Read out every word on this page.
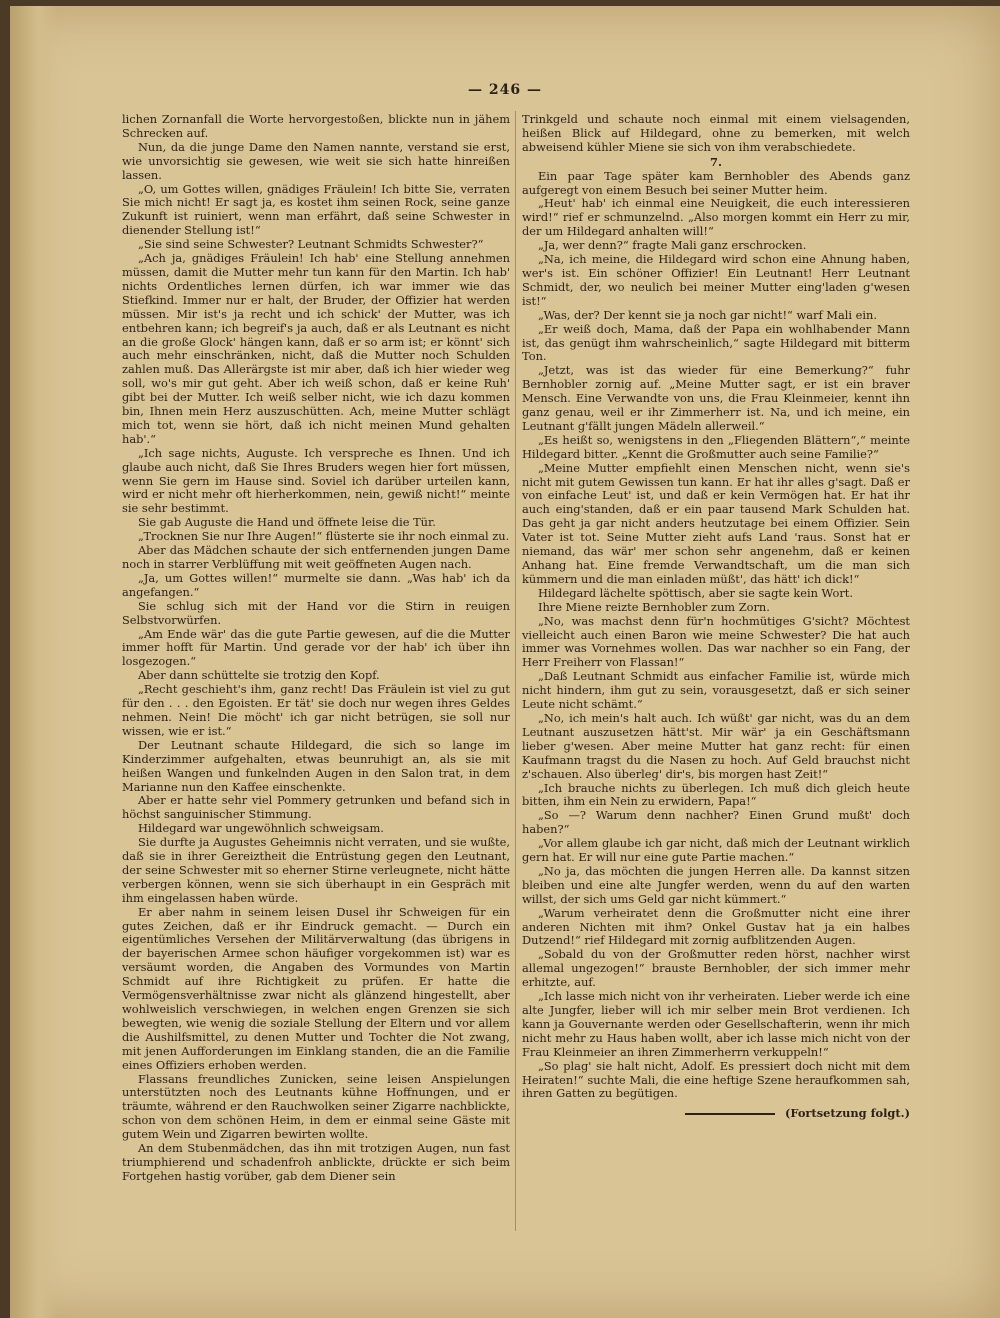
— 246 —

lichen Zornanfall die Worte hervorgestoßen, blickte nun in jähem Schrecken auf.

Nun, da die junge Dame den Namen nannte, verstand sie erst, wie unvorsichtig sie gewesen, wie weit sie sich hatte hinreißen lassen.

„O, um Gottes willen, gnädiges Fräulein! Ich bitte Sie, verraten Sie mich nicht! Er sagt ja, es kostet ihm seinen Rock, seine ganze Zukunft ist ruiniert, wenn man erfährt, daß seine Schwester in dienender Stellung ist!“

„Sie sind seine Schwester? Leutnant Schmidts Schwester?“

„Ach ja, gnädiges Fräulein! Ich hab' eine Stellung annehmen müssen, damit die Mutter mehr tun kann für den Martin. Ich hab' nichts Ordentliches lernen dürfen, ich war immer wie das Stiefkind. Immer nur er halt, der Bruder, der Offizier hat werden müssen. Mir ist's ja recht und ich schick' der Mutter, was ich entbehren kann; ich begreif's ja auch, daß er als Leutnant es nicht an die große Glock' hängen kann, daß er so arm ist; er könnt' sich auch mehr einschränken, nicht, daß die Mutter noch Schulden zahlen muß. Das Allerärgste ist mir aber, daß ich hier wieder weg soll, wo's mir gut geht. Aber ich weiß schon, daß er keine Ruh' gibt bei der Mutter. Ich weiß selber nicht, wie ich dazu kommen bin, Ihnen mein Herz auszuschütten. Ach, meine Mutter schlägt mich tot, wenn sie hört, daß ich nicht meinen Mund gehalten hab'.“

„Ich sage nichts, Auguste. Ich verspreche es Ihnen. Und ich glaube auch nicht, daß Sie Ihres Bruders wegen hier fort müssen, wenn Sie gern im Hause sind. Soviel ich darüber urteilen kann, wird er nicht mehr oft hierherkommen, nein, gewiß nicht!“ meinte sie sehr bestimmt.

Sie gab Auguste die Hand und öffnete leise die Tür.

„Trocknen Sie nur Ihre Augen!“ flüsterte sie ihr noch einmal zu.

Aber das Mädchen schaute der sich entfernenden jungen Dame noch in starrer Verblüffung mit weit geöffneten Augen nach.

„Ja, um Gottes willen!“ murmelte sie dann. „Was hab' ich da angefangen.“

Sie schlug sich mit der Hand vor die Stirn in reuigen Selbstvorwürfen.

„Am Ende wär' das die gute Partie gewesen, auf die die Mutter immer hofft für Martin. Und gerade vor der hab' ich über ihn losgezogen.“

Aber dann schüttelte sie trotzig den Kopf.

„Recht geschieht's ihm, ganz recht! Das Fräulein ist viel zu gut für den . . . den Egoisten. Er tät' sie doch nur wegen ihres Geldes nehmen. Nein! Die möcht' ich gar nicht betrügen, sie soll nur wissen, wie er ist.“

Der Leutnant schaute Hildegard, die sich so lange im Kinderzimmer aufgehalten, etwas beunruhigt an, als sie mit heißen Wangen und funkelnden Augen in den Salon trat, in dem Marianne nun den Kaffee einschenkte.

Aber er hatte sehr viel Pommery getrunken und befand sich in höchst sanguinischer Stimmung.

Hildegard war ungewöhnlich schweigsam.

Sie durfte ja Augustes Geheimnis nicht verraten, und sie wußte, daß sie in ihrer Gereiztheit die Entrüstung gegen den Leutnant, der seine Schwester mit so eherner Stirne verleugnete, nicht hätte verbergen können, wenn sie sich überhaupt in ein Gespräch mit ihm eingelassen haben würde.

Er aber nahm in seinem leisen Dusel ihr Schweigen für ein gutes Zeichen, daß er ihr Eindruck gemacht. — Durch ein eigentümliches Versehen der Militärverwaltung (das übrigens in der bayerischen Armee schon häufiger vorgekommen ist) war es versäumt worden, die Angaben des Vormundes von Martin Schmidt auf ihre Richtigkeit zu prüfen. Er hatte die Vermögensverhältnisse zwar nicht als glänzend hingestellt, aber wohlweislich verschwiegen, in welchen engen Grenzen sie sich bewegten, wie wenig die soziale Stellung der Eltern und vor allem die Aushilfsmittel, zu denen Mutter und Tochter die Not zwang, mit jenen Aufforderungen im Einklang standen, die an die Familie eines Offiziers erhoben werden.

Flassans freundliches Zunicken, seine leisen Anspielungen unterstützten noch des Leutnants kühne Hoffnungen, und er träumte, während er den Rauchwolken seiner Zigarre nachblickte, schon von dem schönen Heim, in dem er einmal seine Gäste mit gutem Wein und Zigarren bewirten wollte.

An dem Stubenmädchen, das ihn mit trotzigen Augen, nun fast triumphierend und schadenfroh anblickte, drückte er sich beim Fortgehen hastig vorüber, gab dem Diener sein

Trinkgeld und schaute noch einmal mit einem vielsagenden, heißen Blick auf Hildegard, ohne zu bemerken, mit welch abweisend kühler Miene sie sich von ihm verabschiedete.

7.

Ein paar Tage später kam Bernhobler des Abends ganz aufgeregt von einem Besuch bei seiner Mutter heim.

„Heut' hab' ich einmal eine Neuigkeit, die euch interessieren wird!“ rief er schmunzelnd. „Also morgen kommt ein Herr zu mir, der um Hildegard anhalten will!“

„Ja, wer denn?“ fragte Mali ganz erschrocken.

„Na, ich meine, die Hildegard wird schon eine Ahnung haben, wer's ist. Ein schöner Offizier! Ein Leutnant! Herr Leutnant Schmidt, der, wo neulich bei meiner Mutter eing'laden g'wesen ist!“

„Was, der? Der kennt sie ja noch gar nicht!“ warf Mali ein.

„Er weiß doch, Mama, daß der Papa ein wohlhabender Mann ist, das genügt ihm wahrscheinlich,“ sagte Hildegard mit bitterm Ton.

„Jetzt, was ist das wieder für eine Bemerkung?“ fuhr Bernhobler zornig auf. „Meine Mutter sagt, er ist ein braver Mensch. Eine Verwandte von uns, die Frau Kleinmeier, kennt ihn ganz genau, weil er ihr Zimmerherr ist. Na, und ich meine, ein Leutnant g'fällt jungen Mädeln allerweil.“

„Es heißt so, wenigstens in den „Fliegenden Blättern“,“ meinte Hildegard bitter. „Kennt die Großmutter auch seine Familie?“

„Meine Mutter empfiehlt einen Menschen nicht, wenn sie's nicht mit gutem Gewissen tun kann. Er hat ihr alles g'sagt. Daß er von einfache Leut' ist, und daß er kein Vermögen hat. Er hat ihr auch eing'standen, daß er ein paar tausend Mark Schulden hat. Das geht ja gar nicht anders heutzutage bei einem Offizier. Sein Vater ist tot. Seine Mutter zieht aufs Land 'raus. Sonst hat er niemand, das wär' mer schon sehr angenehm, daß er keinen Anhang hat. Eine fremde Verwandtschaft, um die man sich kümmern und die man einladen müßt', das hätt' ich dick!“

Hildegard lächelte spöttisch, aber sie sagte kein Wort.

Ihre Miene reizte Bernhobler zum Zorn.

„No, was machst denn für'n hochmütiges G'sicht? Möchtest vielleicht auch einen Baron wie meine Schwester? Die hat auch immer was Vornehmes wollen. Das war nachher so ein Fang, der Herr Freiherr von Flassan!“

„Daß Leutnant Schmidt aus einfacher Familie ist, würde mich nicht hindern, ihm gut zu sein, vorausgesetzt, daß er sich seiner Leute nicht schämt.“

„No, ich mein's halt auch. Ich wüßt' gar nicht, was du an dem Leutnant auszusetzen hätt'st. Mir wär' ja ein Geschäftsmann lieber g'wesen. Aber meine Mutter hat ganz recht: für einen Kaufmann tragst du die Nasen zu hoch. Auf Geld brauchst nicht z'schauen. Also überleg' dir's, bis morgen hast Zeit!“

„Ich brauche nichts zu überlegen. Ich muß dich gleich heute bitten, ihm ein Nein zu erwidern, Papa!“

„So —? Warum denn nachher? Einen Grund mußt' doch haben?“

„Vor allem glaube ich gar nicht, daß mich der Leutnant wirklich gern hat. Er will nur eine gute Partie machen.“

„No ja, das möchten die jungen Herren alle. Da kannst sitzen bleiben und eine alte Jungfer werden, wenn du auf den warten willst, der sich ums Geld gar nicht kümmert.“

„Warum verheiratet denn die Großmutter nicht eine ihrer anderen Nichten mit ihm? Onkel Gustav hat ja ein halbes Dutzend!“ rief Hildegard mit zornig aufblitzenden Augen.

„Sobald du von der Großmutter reden hörst, nachher wirst allemal ungezogen!“ brauste Bernhobler, der sich immer mehr erhitzte, auf.

„Ich lasse mich nicht von ihr verheiraten. Lieber werde ich eine alte Jungfer, lieber will ich mir selber mein Brot verdienen. Ich kann ja Gouvernante werden oder Gesellschafterin, wenn ihr mich nicht mehr zu Haus haben wollt, aber ich lasse mich nicht von der Frau Kleinmeier an ihren Zimmerherrn verkuppeln!“

„So plag' sie halt nicht, Adolf. Es pressiert doch nicht mit dem Heiraten!“ suchte Mali, die eine heftige Szene heraufkommen sah, ihren Gatten zu begütigen.

(Fortsetzung folgt.)
